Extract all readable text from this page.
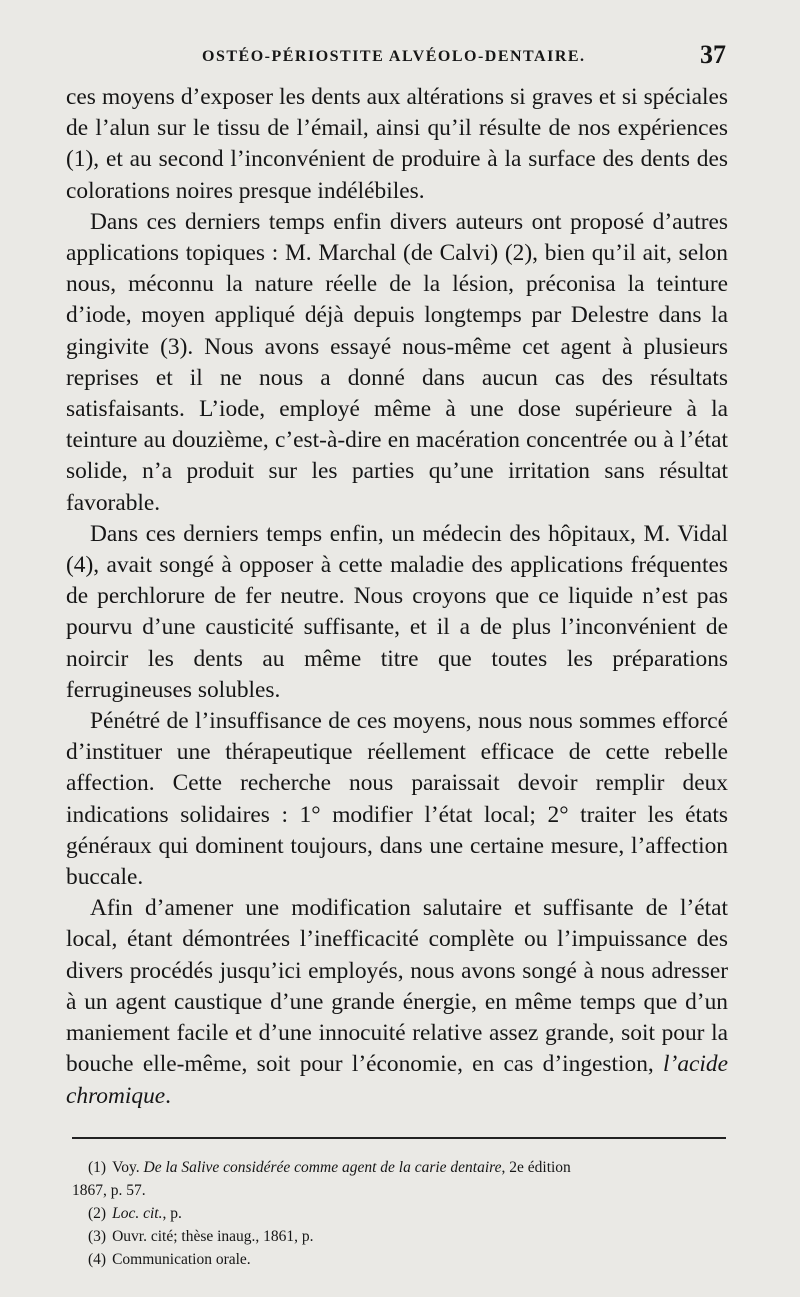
OSTÉO-PÉRIOSTITE ALVÉOLO-DENTAIRE.	37

ces moyens d’exposer les dents aux altérations si graves et si spéciales de l’alun sur le tissu de l’émail, ainsi qu’il résulte de nos expériences (1), et au second l’inconvénient de produire à la surface des dents des colorations noires presque indélébiles.

Dans ces derniers temps enfin divers auteurs ont proposé d’autres applications topiques : M. Marchal (de Calvi) (2), bien qu’il ait, selon nous, méconnu la nature réelle de la lésion, préconisa la teinture d’iode, moyen appliqué déjà depuis longtemps par Delestre dans la gingivite (3). Nous avons essayé nous-même cet agent à plusieurs reprises et il ne nous a donné dans aucun cas des résultats satisfaisants. L’iode, employé même à une dose supérieure à la teinture au douzième, c’est-à-dire en macération concentrée ou à l’état solide, n’a produit sur les parties qu’une irritation sans résultat favorable.

Dans ces derniers temps enfin, un médecin des hôpitaux, M. Vidal (4), avait songé à opposer à cette maladie des applications fréquentes de perchlorure de fer neutre. Nous croyons que ce liquide n’est pas pourvu d’une causticité suffisante, et il a de plus l’inconvénient de noircir les dents au même titre que toutes les préparations ferrugineuses solubles.

Pénétré de l’insuffisance de ces moyens, nous nous sommes efforcé d’instituer une thérapeutique réellement efficace de cette rebelle affection. Cette recherche nous paraissait devoir remplir deux indications solidaires : 1° modifier l’état local; 2° traiter les états généraux qui dominent toujours, dans une certaine mesure, l’affection buccale.

Afin d’amener une modification salutaire et suffisante de l’état local, étant démontrées l’inefficacité complète ou l’impuissance des divers procédés jusqu’ici employés, nous avons songé à nous adresser à un agent caustique d’une grande énergie, en même temps que d’un maniement facile et d’une innocuité relative assez grande, soit pour la bouche elle-même, soit pour l’économie, en cas d’ingestion, l’acide chromique.

(1) Voy. De la Salive considérée comme agent de la carie dentaire, 2e édition

1867, p. 57.

(2) Loc. cit., p.

(3) Ouvr. cité; thèse inaug., 1861, p.

(4) Communication orale.
